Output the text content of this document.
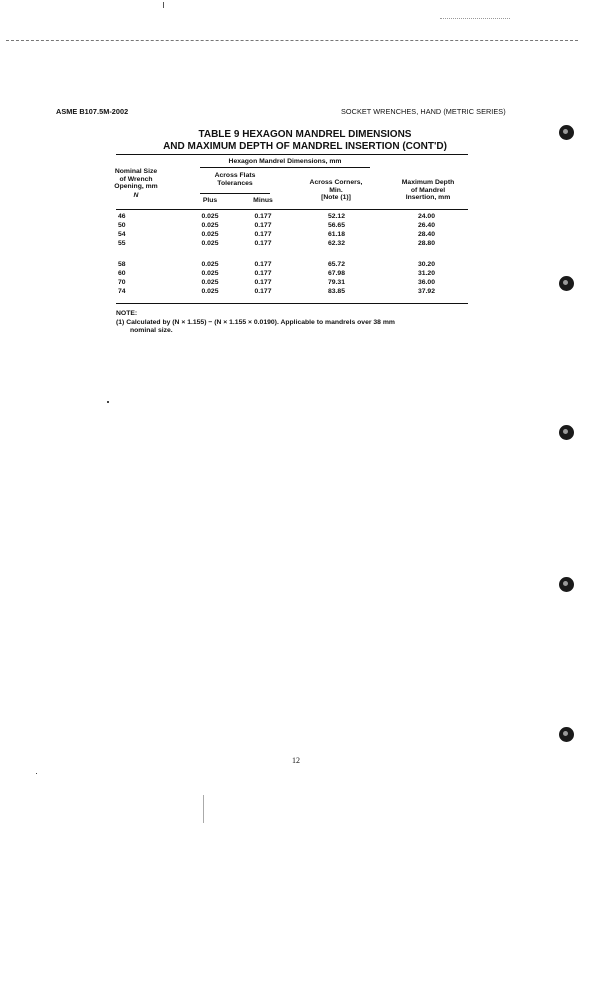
ASME B107.5M-2002	SOCKET WRENCHES, HAND (METRIC SERIES)
TABLE 9 HEXAGON MANDREL DIMENSIONS
AND MAXIMUM DEPTH OF MANDREL INSERTION (CONT'D)
Hexagon Mandrel Dimensions, mm
Nominal Size
of Wrench
Opening, mm
N
Across Flats
Tolerances
Plus	Minus
Across Corners,
Min.
[Note (1)]
Maximum Depth
of Mandrel
Insertion, mm
46	0.025	0.177	52.12	24.00
50	0.025	0.177	56.65	26.40
54	0.025	0.177	61.18	28.40
55	0.025	0.177	62.32	28.80
58	0.025	0.177	65.72	30.20
60	0.025	0.177	67.98	31.20
70	0.025	0.177	79.31	36.00
74	0.025	0.177	83.85	37.92
NOTE:
(1) Calculated by (N × 1.155) − (N × 1.155 × 0.0190). Applicable to mandrels over 38 mm
nominal size.
12
